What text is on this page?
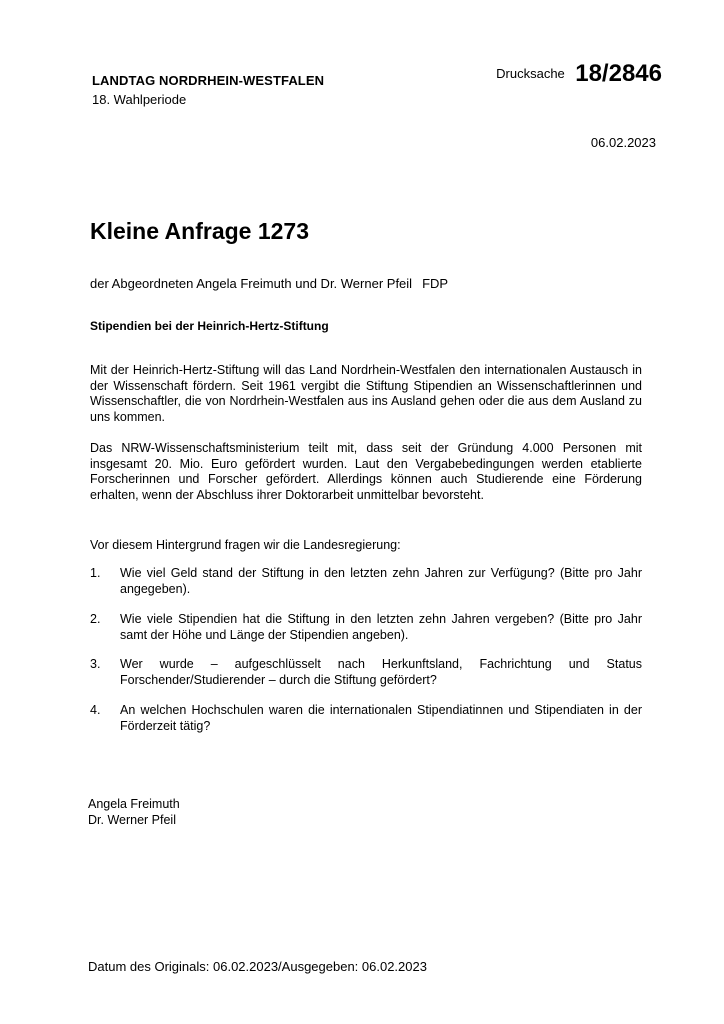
LANDTAG NORDRHEIN-WESTFALEN
18. Wahlperiode
Drucksache 18/2846
06.02.2023
Kleine Anfrage 1273
der Abgeordneten Angela Freimuth und Dr. Werner Pfeil FDP
Stipendien bei der Heinrich-Hertz-Stiftung
Mit der Heinrich-Hertz-Stiftung will das Land Nordrhein-Westfalen den internationalen Austausch in der Wissenschaft fördern. Seit 1961 vergibt die Stiftung Stipendien an Wissenschaftlerinnen und Wissenschaftler, die von Nordrhein-Westfalen aus ins Ausland gehen oder die aus dem Ausland zu uns kommen.
Das NRW-Wissenschaftsministerium teilt mit, dass seit der Gründung 4.000 Personen mit insgesamt 20. Mio. Euro gefördert wurden. Laut den Vergabebedingungen werden etablierte Forscherinnen und Forscher gefördert. Allerdings können auch Studierende eine Förderung erhalten, wenn der Abschluss ihrer Doktorarbeit unmittelbar bevorsteht.
Vor diesem Hintergrund fragen wir die Landesregierung:
1.	Wie viel Geld stand der Stiftung in den letzten zehn Jahren zur Verfügung? (Bitte pro Jahr angegeben).
2.	Wie viele Stipendien hat die Stiftung in den letzten zehn Jahren vergeben? (Bitte pro Jahr samt der Höhe und Länge der Stipendien angeben).
3.	Wer wurde – aufgeschlüsselt nach Herkunftsland, Fachrichtung und Status Forschender/Studierender – durch die Stiftung gefördert?
4.	An welchen Hochschulen waren die internationalen Stipendiatinnen und Stipendiaten in der Förderzeit tätig?
Angela Freimuth
Dr. Werner Pfeil
Datum des Originals: 06.02.2023/Ausgegeben: 06.02.2023
